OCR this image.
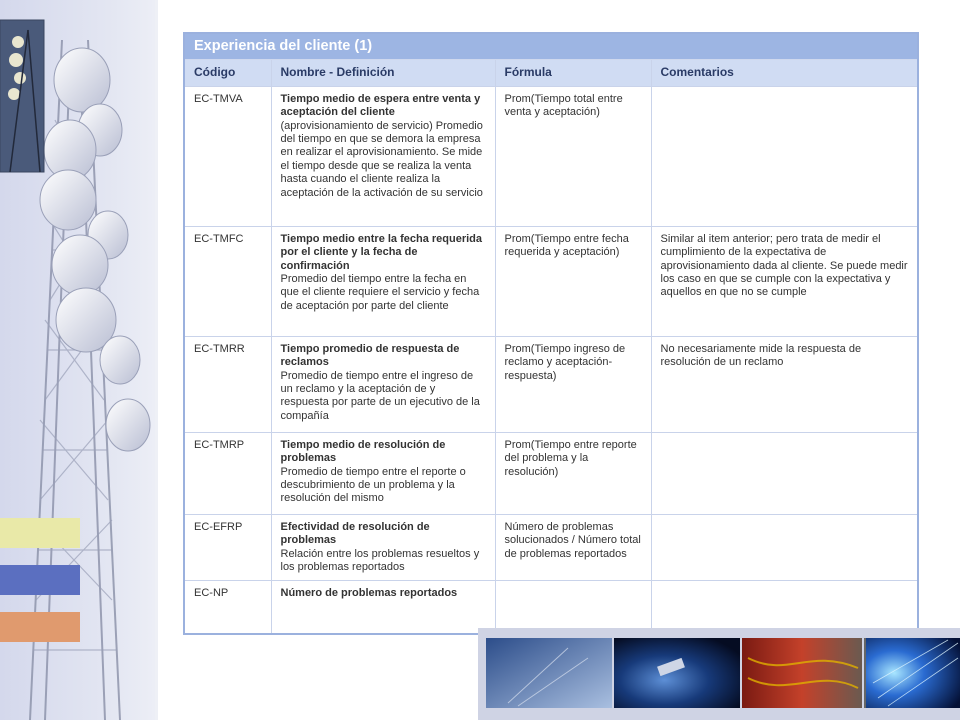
Experiencia del cliente (1)			
Código	Nombre - Definición	Fórmula	Comentarios
EC-TMVA	Tiempo medio de espera entre venta y aceptación del cliente
(aprovisionamiento de servicio) Promedio del tiempo en que se demora la empresa en realizar el aprovisionamiento. Se mide el tiempo desde que se realiza la venta hasta cuando el cliente realiza la aceptación de la activación de su servicio	Prom(Tiempo total entre venta y aceptación)	
EC-TMFC	Tiempo medio entre la fecha requerida por el cliente y la fecha de confirmación
Promedio del tiempo entre la fecha en que el cliente requiere el servicio y fecha de aceptación por parte del cliente	Prom(Tiempo entre fecha requerida y aceptación)	Similar al item anterior; pero trata de medir el cumplimiento de la expectativa de aprovisionamiento dada al cliente. Se puede medir los caso en que se cumple con la expectativa y aquellos en que no se cumple
EC-TMRR	Tiempo promedio de respuesta de reclamos
Promedio de tiempo entre el ingreso de un reclamo y la aceptación de y respuesta por parte de un ejecutivo de la compañía	Prom(Tiempo ingreso de reclamo y aceptación-respuesta)	No necesariamente mide la respuesta de resolución de un reclamo
EC-TMRP	Tiempo medio de resolución de problemas
Promedio de tiempo entre el reporte o descubrimiento de un problema y la resolución del mismo	Prom(Tiempo entre reporte del problema y la resolución)	
EC-EFRP	Efectividad de resolución de problemas
Relación entre los problemas resueltos y los problemas reportados	Número de problemas solucionados / Número total de problemas reportados	
EC-NP	Número de problemas reportados		
